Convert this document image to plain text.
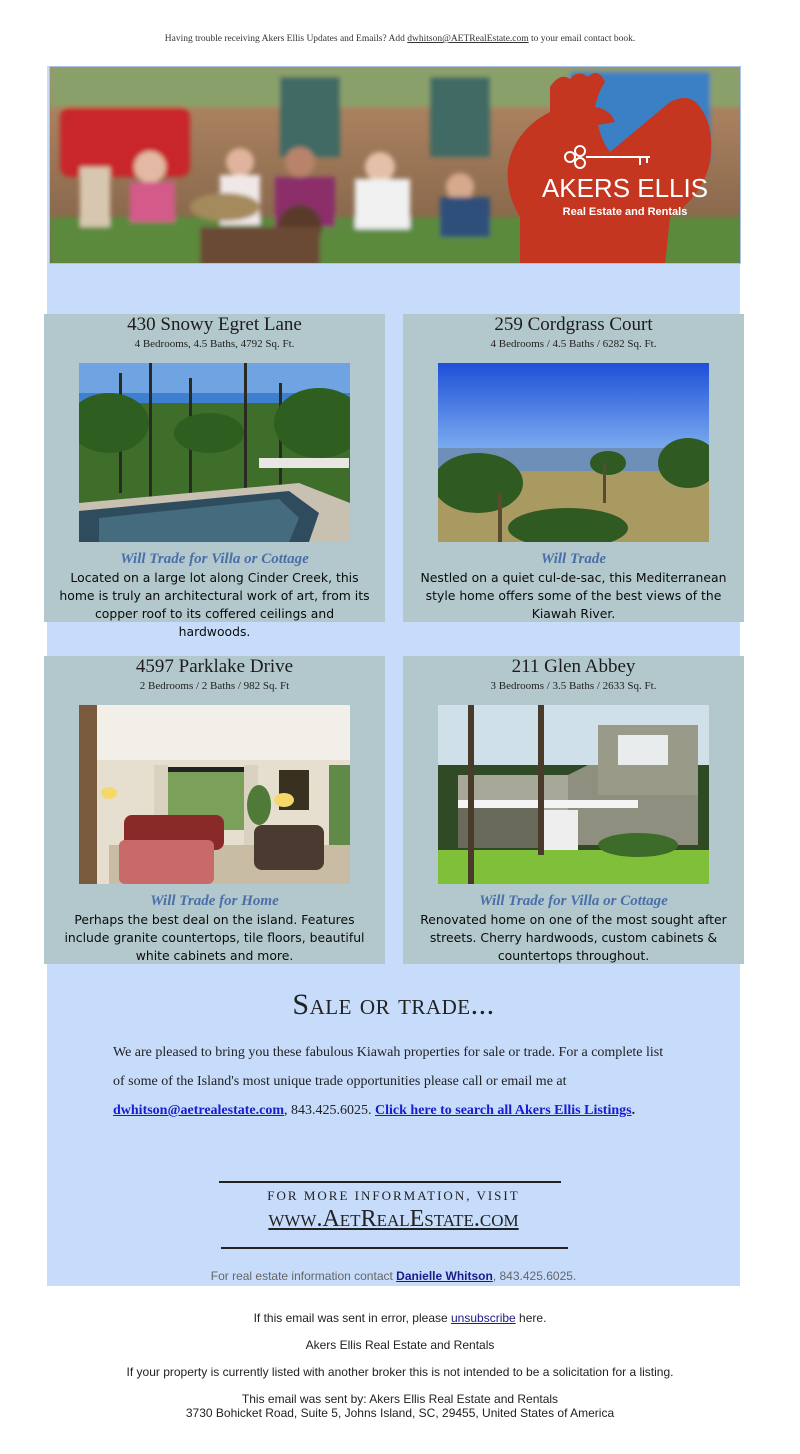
Having trouble receiving Akers Ellis Updates and Emails? Add dwhitson@AETRealEstate.com to your email contact book.
AKERS ELLIS
Real Estate and Rentals
430 Snowy Egret Lane
4 Bedrooms, 4.5 Baths, 4792 Sq. Ft.
Will Trade for Villa or Cottage
Located on a large lot along Cinder Creek, this home is truly an architectural work of art, from its copper roof to its coffered ceilings and hardwoods.
259 Cordgrass Court
4 Bedrooms / 4.5 Baths / 6282 Sq. Ft.
Will Trade
Nestled on a quiet cul-de-sac, this Mediterranean style home offers some of the best views of the Kiawah River.
4597 Parklake Drive
2 Bedrooms / 2 Baths / 982 Sq. Ft
Will Trade for Home
Perhaps the best deal on the island. Features include granite countertops, tile floors, beautiful white cabinets and more.
211 Glen Abbey
3 Bedrooms / 3.5 Baths / 2633 Sq. Ft.
Will Trade for Villa or Cottage
Renovated home on one of the most sought after streets. Cherry hardwoods, custom cabinets & countertops throughout.
Sale or trade...
We are pleased to bring you these fabulous Kiawah properties for sale or trade. For a complete list of some of the Island's most unique trade opportunities please call or email me at dwhitson@aetrealestate.com, 843.425.6025. Click here to search all Akers Ellis Listings.
FOR MORE INFORMATION, VISIT
www.AetRealEstate.com
For real estate information contact Danielle Whitson, 843.425.6025.
If this email was sent in error, please unsubscribe here.
Akers Ellis Real Estate and Rentals
If your property is currently listed with another broker this is not intended to be a solicitation for a listing.
This email was sent by: Akers Ellis Real Estate and Rentals
3730 Bohicket Road, Suite 5, Johns Island, SC, 29455, United States of America
